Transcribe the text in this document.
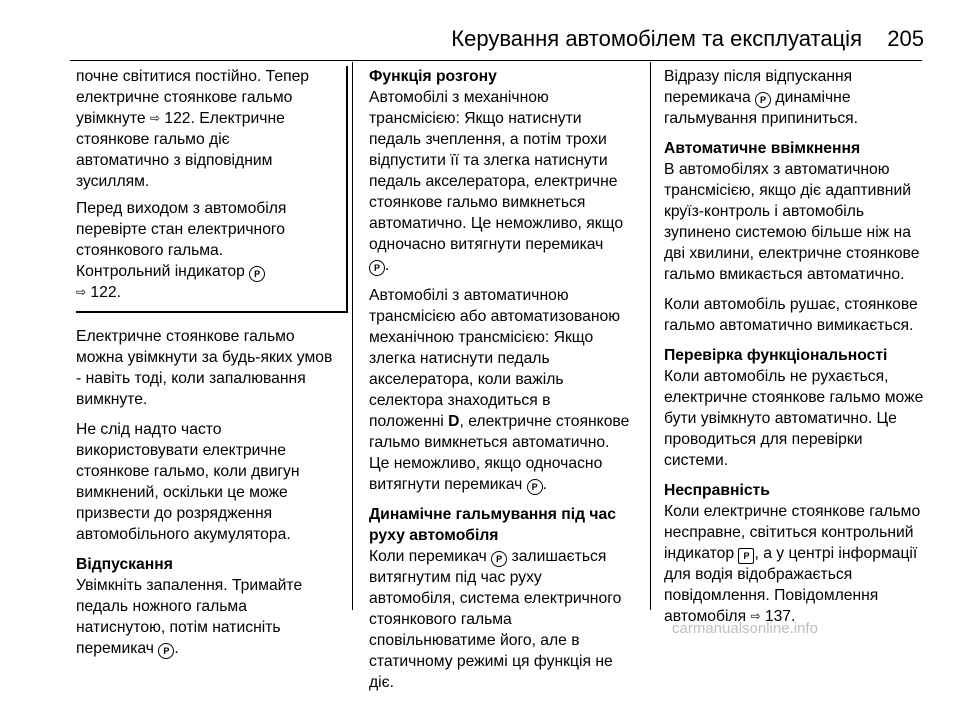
Керування автомобілем та експлуатація 205

почне світитися постійно. Тепер
електричне стоянкове гальмо
увімкнуте ⇨ 122. Електричне
стоянкове гальмо діє
автоматично з відповідним
зусиллям.

Перед виходом з автомобіля
перевірте стан електричного
стоянкового гальма.
Контрольний індикатор P
⇨ 122.

Електричне стоянкове гальмо
можна увімкнути за будь-яких умов
- навіть тоді, коли запалювання
вимкнуте.

Не слід надто часто
використовувати електричне
стоянкове гальмо, коли двигун
вимкнений, оскільки це може
призвести до розрядження
автомобільного акумулятора.

Відпускання

Увімкніть запалення. Тримайте
педаль ножного гальма
натиснутою, потім натисніть
перемикач P .

Функція розгону

Автомобілі з механічною
трансмісією: Якщо натиснути
педаль зчеплення, а потім трохи
відпустити її та злегка натиснути
педаль акселератора, електричне
стоянкове гальмо вимкнеться
автоматично. Це неможливо, якщо
одночасно витягнути перемикач
P .

Автомобілі з автоматичною
трансмісією або автоматизованою
механічною трансмісією: Якщо
злегка натиснути педаль
акселератора, коли важіль
селектора знаходиться в
положенні D, електричне стоянкове
гальмо вимкнеться автоматично.
Це неможливо, якщо одночасно
витягнути перемикач P .

Динамічне гальмування під час
руху автомобіля

Коли перемикач P залишається
витягнутим під час руху
автомобіля, система електричного
стоянкового гальма
сповільнюватиме його, але в
статичному режимі ця функція не
діє.

Відразу після відпускання
перемикача P динамічне
гальмування припиниться.

Автоматичне ввімкнення

В автомобілях з автоматичною
трансмісією, якщо діє адаптивний
круїз-контроль і автомобіль
зупинено системою більше ніж на
дві хвилини, електричне стоянкове
гальмо вмикається автоматично.

Коли автомобіль рушає, стоянкове
гальмо автоматично вимикається.

Перевірка функціональності

Коли автомобіль не рухається,
електричне стоянкове гальмо може
бути увімкнуто автоматично. Це
проводиться для перевірки
системи.

Несправність

Коли електричне стоянкове гальмо
несправне, світиться контрольний
індикатор P , а у центрі інформації
для водія відображається
повідомлення. Повідомлення
автомобіля ⇨ 137.

carmanualsonline.info
